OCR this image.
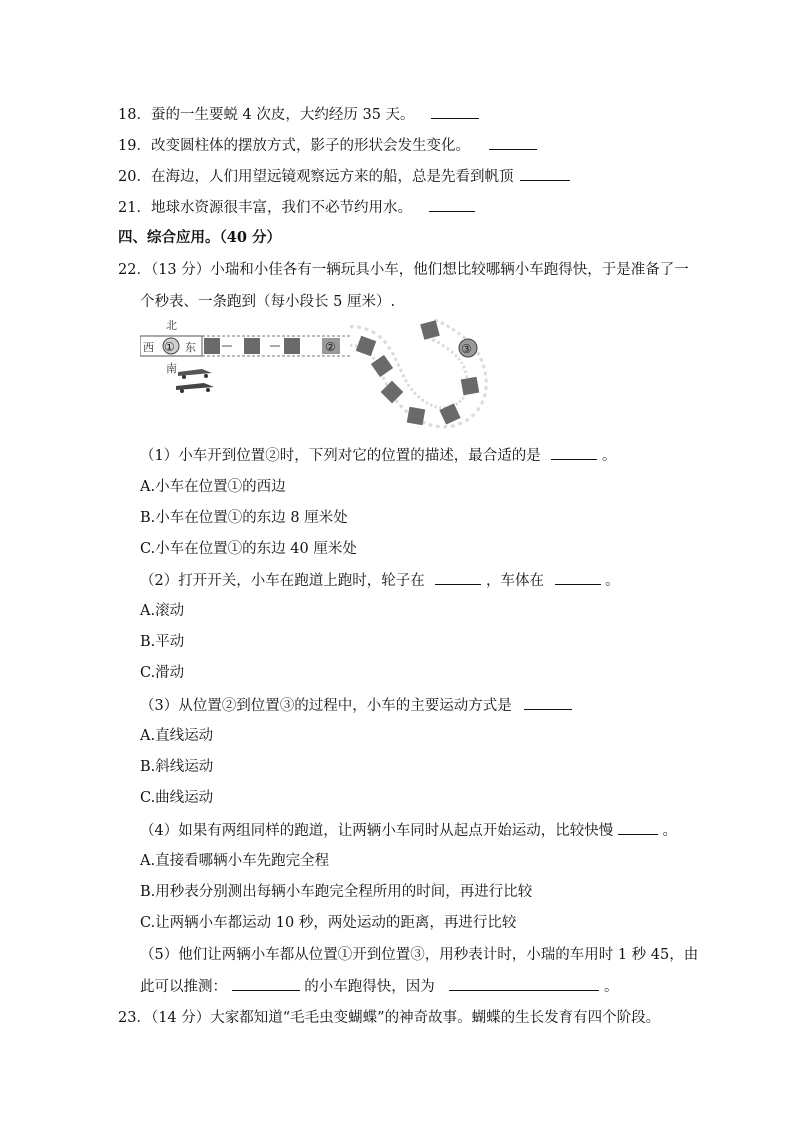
18．蚕的一生要蜕 4 次皮，大约经历 35 天。
19．改变圆柱体的摆放方式，影子的形状会发生变化。
20．在海边，人们用望远镜观察远方来的船，总是先看到帆顶
21．地球水资源很丰富，我们不必节约用水。
四、综合应用。（40 分）
22．（13 分）小瑞和小佳各有一辆玩具小车，他们想比较哪辆小车跑得快，于是准备了一
个秒表、一条跑到（每小段长 5 厘米）.
北
南
西 ① 东	②	③
（1）小车开到位置②时，下列对它的位置的描述，最合适的是	。
A.小车在位置①的西边
B.小车在位置①的东边 8 厘米处
C.小车在位置①的东边 40 厘米处
（2）打开开关，小车在跑道上跑时，轮子在	，车体在	。
A.滚动
B.平动
C.滑动
（3）从位置②到位置③的过程中，小车的主要运动方式是
A.直线运动
B.斜线运动
C.曲线运动
（4）如果有两组同样的跑道，让两辆小车同时从起点开始运动，比较快慢	。
A.直接看哪辆小车先跑完全程
B.用秒表分别测出每辆小车跑完全程所用的时间，再进行比较
C.让两辆小车都运动 10 秒，两处运动的距离，再进行比较
（5）他们让两辆小车都从位置①开到位置③，用秒表计时，小瑞的车用时 1 秒 45，由
此可以推测：	的小车跑得快，因为	。
23．（14 分）大家都知道“毛毛虫变蝴蝶”的神奇故事。蝴蝶的生长发育有四个阶段。
